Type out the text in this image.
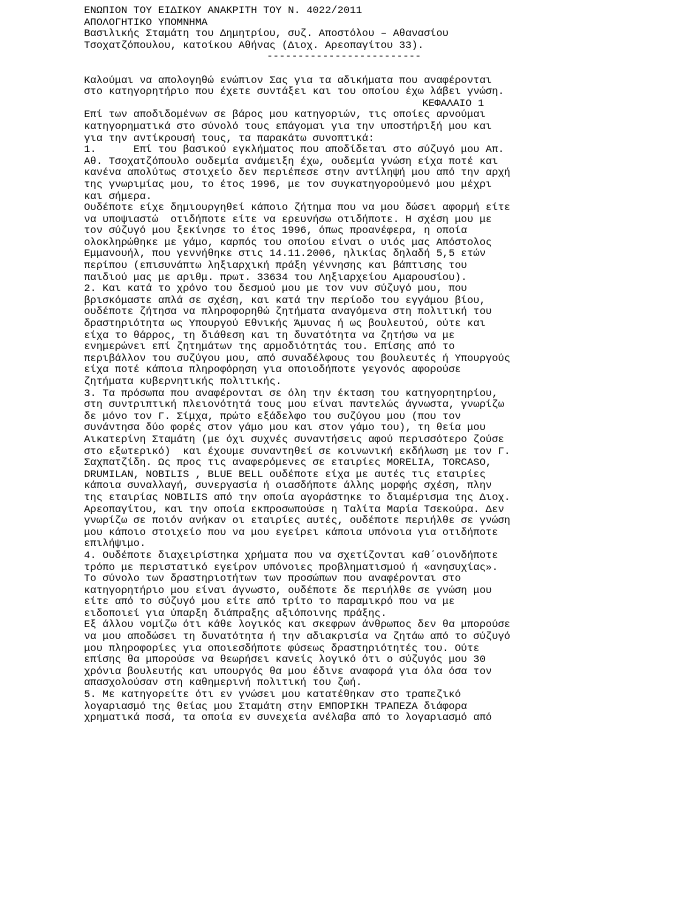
ΕΝΩΠΙΟΝ ΤΟΥ ΕΙΔΙΚΟΥ ΑΝΑΚΡΙΤΗ ΤΟΥ Ν. 4022/2011
ΑΠΟΛΟΓΗΤΙΚΟ ΥΠΟΜΝΗΜΑ
Βασιλικής Σταμάτη του Δημητρίου, συζ. Αποστόλου – Αθανασίου
Τσοχατζόπουλου, κατοίκου Αθήνας (Διοχ. Αρεοπαγίτου 33).
-------------------------
Καλούμαι να απολογηθώ ενώπιον Σας για τα αδικήματα που αναφέρονται
στο κατηγορητήριο που έχετε συντάξει και του οποίου έχω λάβει γνώση.
ΚΕΦΑΛΑΙΟ 1
Επί των αποδιδομένων σε βάρος μου κατηγοριών, τις οποίες αρνούμαι
κατηγορηματικά στο σύνολό τους επάγομαι για την υποστήριξή μου και
για την αντίκρουσή τους, τα παρακάτω συνοπτικά:
1.      Επί του βασικού εγκλήματος που αποδίδεται στο σύζυγό μου Απ.
Αθ. Τσοχατζόπουλο ουδεμία ανάμειξη έχω, ουδεμία γνώση είχα ποτέ και
κανένα απολύτως στοιχείο δεν περιέπεσε στην αντίληψή μου από την αρχή
της γνωριμίας μου, το έτος 1996, με τον συγκατηγορούμενό μου μέχρι
και σήμερα.
Ουδέποτε είχε δημιουργηθεί κάποιο ζήτημα που να μου δώσει αφορμή είτε
να υποψιαστώ  οτιδήποτε είτε να ερευνήσω οτιδήποτε. Η σχέση μου με
τον σύζυγό μου ξεκίνησε το έτος 1996, όπως προανέφερα, η οποία
ολοκληρώθηκε με γάμο, καρπός του οποίου είναι ο υιός μας Απόστολος
Εμμανουήλ, που γεννήθηκε στις 14.11.2006, ηλικίας δηλαδή 5,5 ετών
περίπου (επισυνάπτω ληξιαρχική πράξη γέννησης και βάπτισης του
παιδιού μας με αριθμ. πρωτ. 33634 του Ληξιαρχείου Αμαρουσίου).
2. Και κατά το χρόνο του δεσμού μου με τον νυν σύζυγό μου, που
βρισκόμαστε απλά σε σχέση, και κατά την περίοδο του εγγάμου βίου,
ουδέποτε ζήτησα να πληροφορηθώ ζητήματα αναγόμενα στη πολιτική του
δραστηριότητα ως Υπουργού Εθνικής Άμυνας ή ως βουλευτού, ούτε και
είχα το θάρρος, τη διάθεση και τη δυνατότητα να ζητήσω να με
ενημερώνει επί ζητημάτων της αρμοδιότητάς του. Επίσης από το
περιβάλλον του συζύγου μου, από συναδέλφους του βουλευτές ή Υπουργούς
είχα ποτέ κάποια πληροφόρηση για οποιοδήποτε γεγονός αφορούσε
ζητήματα κυβερνητικής πολιτικής.
3. Τα πρόσωπα που αναφέρονται σε όλη την έκταση του κατηγορητηρίου,
στη συντριπτική πλειονότητά τους μου είναι παντελώς άγνωστα, γνωρίζω
δε μόνο τον Γ. Σίμχα, πρώτο εξάδελφο του συζύγου μου (που τον
συνάντησα δύο φορές στον γάμο μου και στον γάμο του), τη θεία μου
Αικατερίνη Σταμάτη (με όχι συχνές συναντήσεις αφού περισσότερο ζούσε
στο εξωτερικό)  και έχουμε συναντηθεί σε κοινωνική εκδήλωση με τον Γ.
Σαχπατζίδη. Ως προς τις αναφερόμενες σε εταιρίες MORELIA, TORCASO,
DRUMILAN, NOBILIS , BLUE BELL ουδέποτε είχα με αυτές τις εταιρίες
κάποια συναλλαγή, συνεργασία ή οιασδήποτε άλλης μορφής σχέση, πλην
της εταιρίας NOBILIS από την οποία αγοράστηκε το διαμέρισμα της Διοχ.
Αρεοπαγίτου, και την οποία εκπροσωπούσε η Ταλίτα Μαρία Τσεκούρα. Δεν
γνωρίζω σε ποιόν ανήκαν οι εταιρίες αυτές, ουδέποτε περιήλθε σε γνώση
μου κάποιο στοιχείο που να μου εγείρει κάποια υπόνοια για οτιδήποτε
επιλήψιμο.
4. Ουδέποτε διαχειρίστηκα χρήματα που να σχετίζονται καθ΄οιονδήποτε
τρόπο με περιστατικό εγείρον υπόνοιες προβληματισμού ή «ανησυχίας».
Το σύνολο των δραστηριοτήτων των προσώπων που αναφέρονται στο
κατηγορητήριο μου είναι άγνωστο, ουδέποτε δε περιήλθε σε γνώση μου
είτε από το σύζυγό μου είτε από τρίτο το παραμικρό που να με
ειδοποιεί για ύπαρξη διάπραξης αξιόποινης πράξης.
Εξ άλλου νομίζω ότι κάθε λογικός και σκεφρων άνθρωπος δεν θα μπορούσε
να μου αποδώσει τη δυνατότητα ή την αδιακρισία να ζητάω από το σύζυγό
μου πληροφορίες για οποιεσδήποτε φύσεως δραστηριότητές του. Ούτε
επίσης θα μπορούσε να θεωρήσει κανείς λογικό ότι ο σύζυγός μου 30
χρόνια βουλευτής και υπουργός θα μου έδινε αναφορά για όλα όσα τον
απασχολούσαν στη καθημερινή πολιτική του ζωή.
5. Με κατηγορείτε ότι εν γνώσει μου κατατέθηκαν στο τραπεζικό
λογαριασμό της θείας μου Σταμάτη στην ΕΜΠΟΡΙΚΗ ΤΡΑΠΕΖΑ διάφορα
χρηματικά ποσά, τα οποία εν συνεχεία ανέλαβα από το λογαριασμό από
